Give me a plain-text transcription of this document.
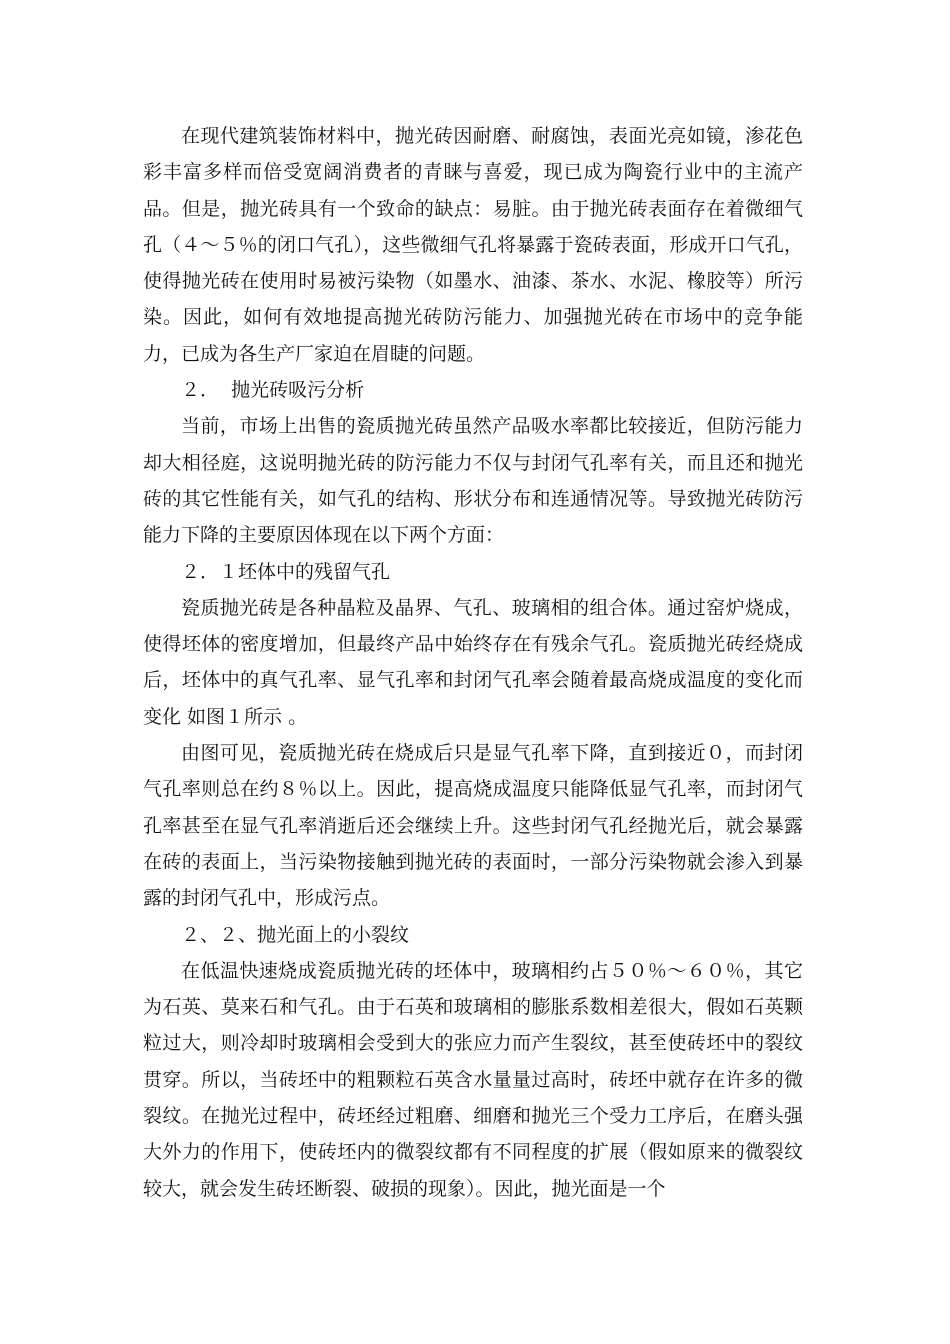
在现代建筑装饰材料中，抛光砖因耐磨、耐腐蚀，表面光亮如镜，渗花色彩丰富多样而倍受宽阔消费者的青睐与喜爱，现已成为陶瓷行业中的主流产品。但是，抛光砖具有一个致命的缺点：易脏。由于抛光砖表面存在着微细气孔（４～５％的闭口气孔），这些微细气孔将暴露于瓷砖表面，形成开口气孔，使得抛光砖在使用时易被污染物（如墨水、油漆、茶水、水泥、橡胶等）所污染。因此，如何有效地提高抛光砖防污能力、加强抛光砖在市场中的竞争能力，已成为各生产厂家迫在眉睫的问题。

２．  抛光砖吸污分析

当前，市场上出售的瓷质抛光砖虽然产品吸水率都比较接近，但防污能力却大相径庭，这说明抛光砖的防污能力不仅与封闭气孔率有关，而且还和抛光砖的其它性能有关，如气孔的结构、形状分布和连通情况等。导致抛光砖防污能力下降的主要原因体现在以下两个方面：

２．１坯体中的残留气孔

瓷质抛光砖是各种晶粒及晶界、气孔、玻璃相的组合体。通过窑炉烧成，使得坯体的密度增加，但最终产品中始终存在有残余气孔。瓷质抛光砖经烧成后，坯体中的真气孔率、显气孔率和封闭气孔率会随着最高烧成温度的变化而变化 如图１所示 。

由图可见，瓷质抛光砖在烧成后只是显气孔率下降，直到接近０，而封闭气孔率则总在约８％以上。因此，提高烧成温度只能降低显气孔率，而封闭气孔率甚至在显气孔率消逝后还会继续上升。这些封闭气孔经抛光后，就会暴露在砖的表面上，当污染物接触到抛光砖的表面时，一部分污染物就会渗入到暴露的封闭气孔中，形成污点。

２、２、抛光面上的小裂纹

在低温快速烧成瓷质抛光砖的坯体中，玻璃相约占５０％～６０％，其它为石英、莫来石和气孔。由于石英和玻璃相的膨胀系数相差很大，假如石英颗粒过大，则冷却时玻璃相会受到大的张应力而产生裂纹，甚至使砖坯中的裂纹贯穿。所以，当砖坯中的粗颗粒石英含水量量过高时，砖坯中就存在许多的微裂纹。在抛光过程中，砖坯经过粗磨、细磨和抛光三个受力工序后，在磨头强大外力的作用下，使砖坯内的微裂纹都有不同程度的扩展（假如原来的微裂纹较大，就会发生砖坯断裂、破损的现象）。因此，抛光面是一个
